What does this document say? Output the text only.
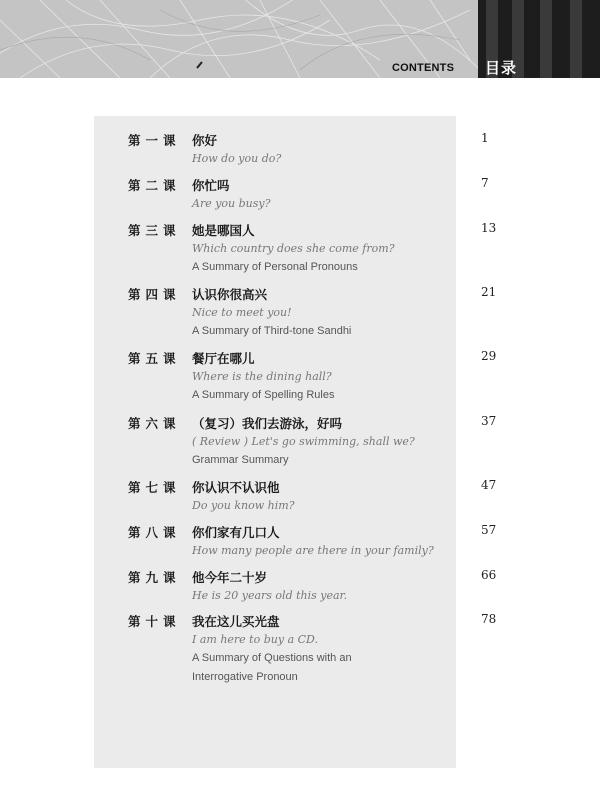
CONTENTS 目录
第一课 你好	1
How do you do?
第二课 你忙吗	7
Are you busy?
第三课 她是哪国人	13
Which country does she come from?
A Summary of Personal Pronouns
第四课 认识你很高兴	21
Nice to meet you!
A Summary of Third-tone Sandhi
第五课 餐厅在哪儿	29
Where is the dining hall?
A Summary of Spelling Rules
第六课 （复习）我们去游泳，好吗	37
( Review ) Let's go swimming, shall we?
Grammar Summary
第七课 你认识不认识他	47
Do you know him?
第八课 你们家有几口人	57
How many people are there in your family?
第九课 他今年二十岁	66
He is 20 years old this year.
第十课 我在这儿买光盘	78
I am here to buy a CD.
A Summary of Questions with an
Interrogative Pronoun
